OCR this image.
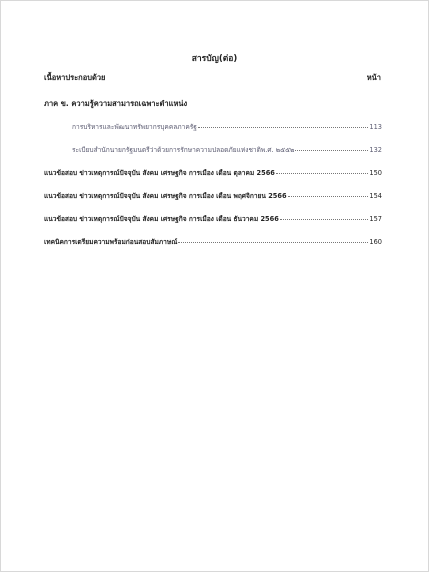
สารบัญ(ต่อ)
เนื้อหาประกอบด้วย	หน้า
ภาค ข. ความรู้ความสามารถเฉพาะตำแหน่ง
การบริหารและพัฒนาทรัพยากรบุคคลภาครัฐ	113
ระเบียบสำนักนายกรัฐมนตรีว่าด้วยการรักษาความปลอดภัยแห่งชาติพ.ศ. ๒๕๕๒	132
แนวข้อสอบ ข่าวเหตุการณ์ปัจจุบัน สังคม เศรษฐกิจ การเมือง เดือน ตุลาคม 2566	150
แนวข้อสอบ ข่าวเหตุการณ์ปัจจุบัน สังคม เศรษฐกิจ การเมือง เดือน พฤศจิกายน 2566	154
แนวข้อสอบ ข่าวเหตุการณ์ปัจจุบัน สังคม เศรษฐกิจ การเมือง เดือน ธันวาคม 2566	157
เทคนิคการเตรียมความพร้อมก่อนสอบสัมภาษณ์	160
